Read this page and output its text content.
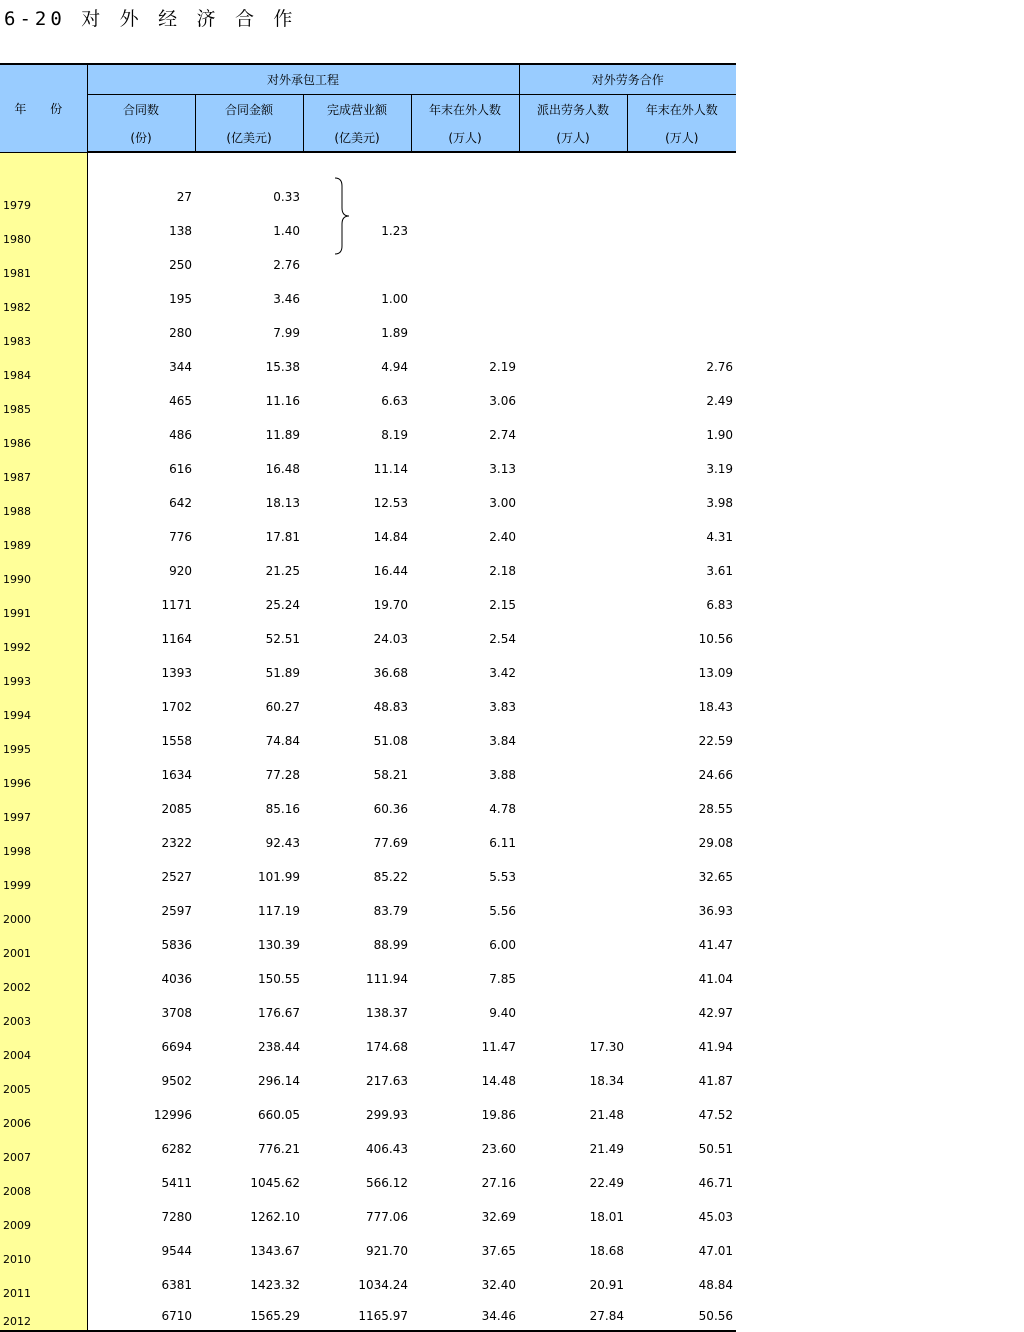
6-20 对 外 经 济 合 作
年 份	对外承包工程				对外劳务合作	
	合同数	合同金额	完成营业额	年末在外人数	派出劳务人数	年末在外人数
	(份)	(亿美元)	(亿美元)	(万人)	(万人)	(万人)

1979	27	0.33				
1980	138	1.40	1.23			
1981	250	2.76				
1982	195	3.46	1.00			
1983	280	7.99	1.89			
1984	344	15.38	4.94	2.19		2.76
1985	465	11.16	6.63	3.06		2.49
1986	486	11.89	8.19	2.74		1.90
1987	616	16.48	11.14	3.13		3.19
1988	642	18.13	12.53	3.00		3.98
1989	776	17.81	14.84	2.40		4.31
1990	920	21.25	16.44	2.18		3.61
1991	1171	25.24	19.70	2.15		6.83
1992	1164	52.51	24.03	2.54		10.56
1993	1393	51.89	36.68	3.42		13.09
1994	1702	60.27	48.83	3.83		18.43
1995	1558	74.84	51.08	3.84		22.59
1996	1634	77.28	58.21	3.88		24.66
1997	2085	85.16	60.36	4.78		28.55
1998	2322	92.43	77.69	6.11		29.08
1999	2527	101.99	85.22	5.53		32.65
2000	2597	117.19	83.79	5.56		36.93
2001	5836	130.39	88.99	6.00		41.47
2002	4036	150.55	111.94	7.85		41.04
2003	3708	176.67	138.37	9.40		42.97
2004	6694	238.44	174.68	11.47	17.30	41.94
2005	9502	296.14	217.63	14.48	18.34	41.87
2006	12996	660.05	299.93	19.86	21.48	47.52
2007	6282	776.21	406.43	23.60	21.49	50.51
2008	5411	1045.62	566.12	27.16	22.49	46.71
2009	7280	1262.10	777.06	32.69	18.01	45.03
2010	9544	1343.67	921.70	37.65	18.68	47.01
2011	6381	1423.32	1034.24	32.40	20.91	48.84
2012	6710	1565.29	1165.97	34.46	27.84	50.56
